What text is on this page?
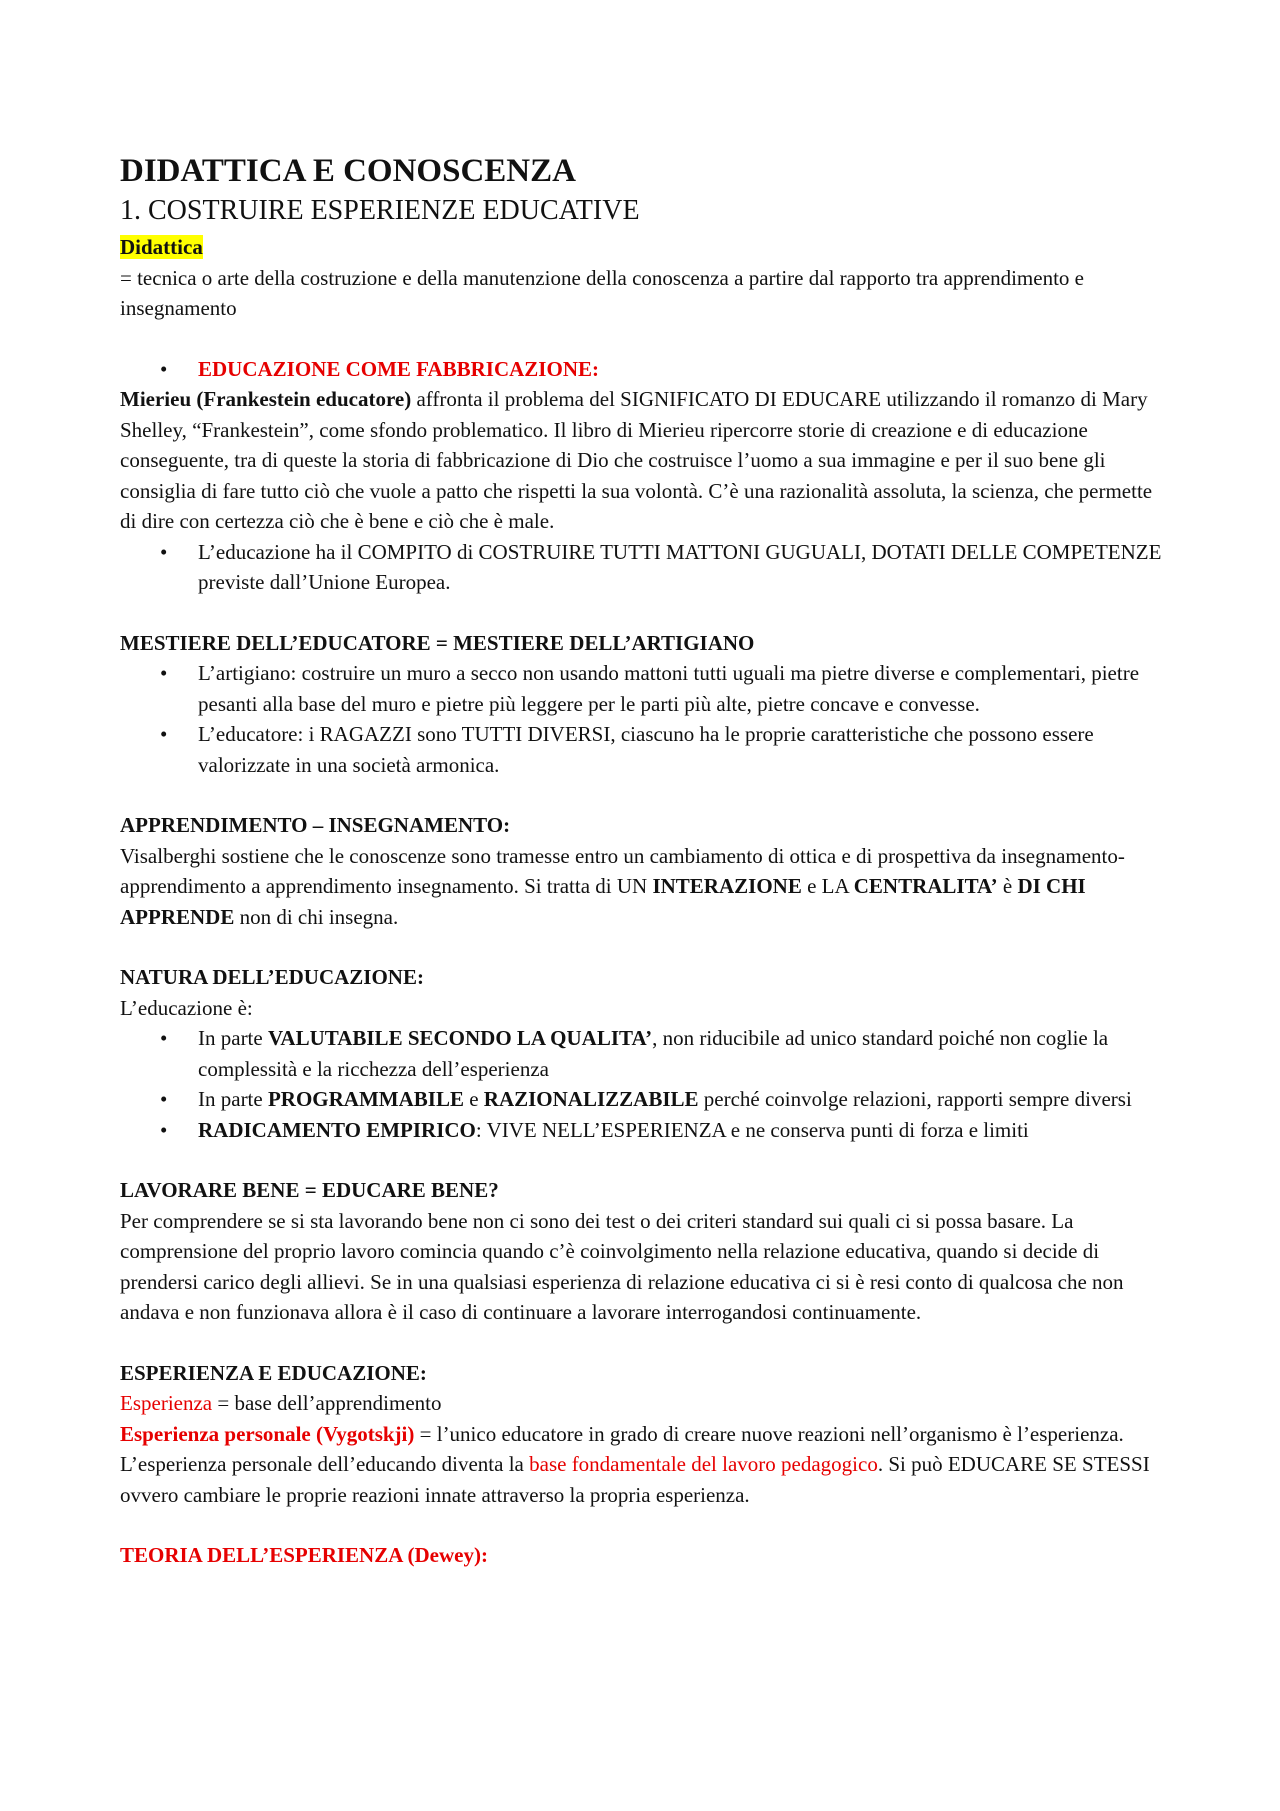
DIDATTICA E CONOSCENZA
1. COSTRUIRE ESPERIENZE EDUCATIVE

Didattica

= tecnica o arte della costruzione e della manutenzione della conoscenza a partire dal rapporto tra apprendimento e insegnamento

• EDUCAZIONE COME FABBRICAZIONE:

Mierieu (Frankestein educatore) affronta il problema del SIGNIFICATO DI EDUCARE utilizzando il romanzo di Mary Shelley, “Frankestein”, come sfondo problematico. Il libro di Mierieu ripercorre storie di creazione e di educazione conseguente, tra di queste la storia di fabbricazione di Dio che costruisce l’uomo a sua immagine e per il suo bene gli consiglia di fare tutto ciò che vuole a patto che rispetti la sua volontà. C’è una razionalità assoluta, la scienza, che permette di dire con certezza ciò che è bene e ciò che è male.

• L’educazione ha il COMPITO di COSTRUIRE TUTTI MATTONI GUGUALI, DOTATI DELLE COMPETENZE previste dall’Unione Europea.

MESTIERE DELL’EDUCATORE = MESTIERE DELL’ARTIGIANO

• L’artigiano: costruire un muro a secco non usando mattoni tutti uguali ma pietre diverse e complementari, pietre pesanti alla base del muro e pietre più leggere per le parti più alte, pietre concave e convesse.
• L’educatore: i RAGAZZI sono TUTTI DIVERSI, ciascuno ha le proprie caratteristiche che possono essere valorizzate in una società armonica.

APPRENDIMENTO – INSEGNAMENTO:

Visalberghi sostiene che le conoscenze sono tramesse entro un cambiamento di ottica e di prospettiva da insegnamento-apprendimento a apprendimento insegnamento. Si tratta di UN INTERAZIONE e LA CENTRALITA’ è DI CHI APPRENDE non di chi insegna.

NATURA DELL’EDUCAZIONE:

L’educazione è:

• In parte VALUTABILE SECONDO LA QUALITA’, non riducibile ad unico standard poiché non coglie la complessità e la ricchezza dell’esperienza
• In parte PROGRAMMABILE e RAZIONALIZZABILE perché coinvolge relazioni, rapporti sempre diversi
• RADICAMENTO EMPIRICO: VIVE NELL’ESPERIENZA e ne conserva punti di forza e limiti

LAVORARE BENE = EDUCARE BENE?

Per comprendere se si sta lavorando bene non ci sono dei test o dei criteri standard sui quali ci si possa basare. La comprensione del proprio lavoro comincia quando c’è coinvolgimento nella relazione educativa, quando si decide di prendersi carico degli allievi. Se in una qualsiasi esperienza di relazione educativa ci si è resi conto di qualcosa che non andava e non funzionava allora è il caso di continuare a lavorare interrogandosi continuamente.

ESPERIENZA E EDUCAZIONE:

Esperienza = base dell’apprendimento

Esperienza personale (Vygotskji) = l’unico educatore in grado di creare nuove reazioni nell’organismo è l’esperienza. L’esperienza personale dell’educando diventa la base fondamentale del lavoro pedagogico. Si può EDUCARE SE STESSI ovvero cambiare le proprie reazioni innate attraverso la propria esperienza.

TEORIA DELL’ESPERIENZA (Dewey):
